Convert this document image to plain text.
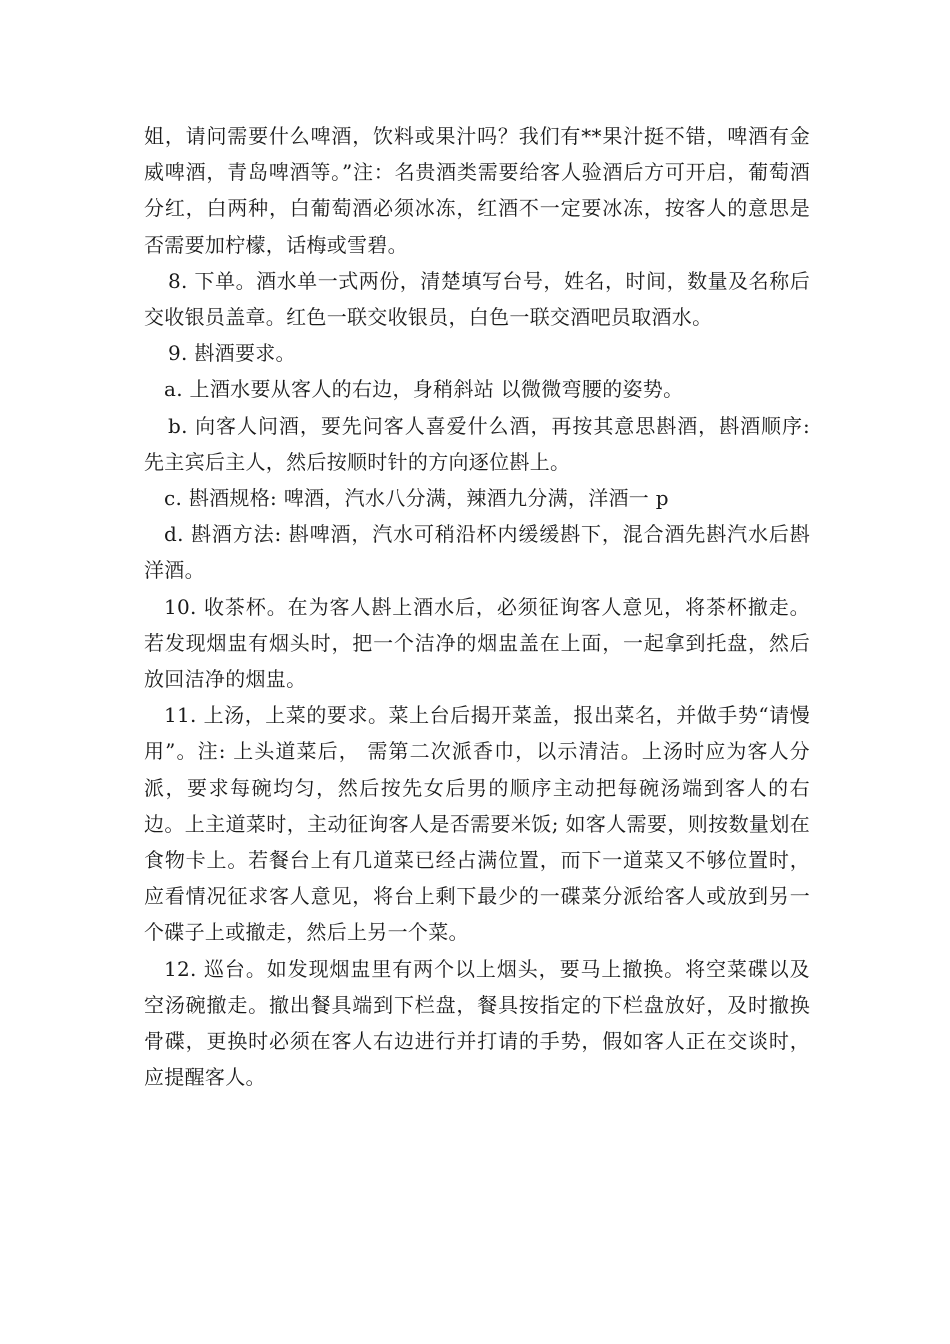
姐，请问需要什么啤酒，饮料或果汁吗？我们有**果汁挺不错，啤酒有金威啤酒，青岛啤酒等。”注：名贵酒类需要给客人验酒后方可开启，葡萄酒分红，白两种，白葡萄酒必须冰冻，红酒不一定要冰冻，按客人的意思是否需要加柠檬，话梅或雪碧。

8. 下单。酒水单一式两份，清楚填写台号，姓名，时间，数量及名称后交收银员盖章。红色一联交收银员，白色一联交酒吧员取酒水。

9. 斟酒要求。

a. 上酒水要从客人的右边，身稍斜站 以微微弯腰的姿势。

b. 向客人问酒，要先问客人喜爱什么酒，再按其意思斟酒，斟酒顺序: 先主宾后主人，然后按顺时针的方向逐位斟上。

c. 斟酒规格: 啤酒，汽水八分满，辣酒九分满，洋酒一 p

d. 斟酒方法: 斟啤酒，汽水可稍沿杯内缓缓斟下，混合酒先斟汽水后斟洋酒。

10. 收茶杯。在为客人斟上酒水后，必须征询客人意见，将茶杯撤走。若发现烟盅有烟头时，把一个洁净的烟盅盖在上面，一起拿到托盘，然后放回洁净的烟盅。

11. 上汤，上菜的要求。菜上台后揭开菜盖，报出菜名，并做手势“请慢用”。注: 上头道菜后， 需第二次派香巾，以示清洁。上汤时应为客人分派，要求每碗均匀，然后按先女后男的顺序主动把每碗汤端到客人的右边。上主道菜时，主动征询客人是否需要米饭; 如客人需要，则按数量划在食物卡上。若餐台上有几道菜已经占满位置，而下一道菜又不够位置时，应看情况征求客人意见，将台上剩下最少的一碟菜分派给客人或放到另一个碟子上或撤走，然后上另一个菜。

12. 巡台。如发现烟盅里有两个以上烟头，要马上撤换。将空菜碟以及空汤碗撤走。撤出餐具端到下栏盘，餐具按指定的下栏盘放好，及时撤换骨碟，更换时必须在客人右边进行并打请的手势，假如客人正在交谈时，应提醒客人。
